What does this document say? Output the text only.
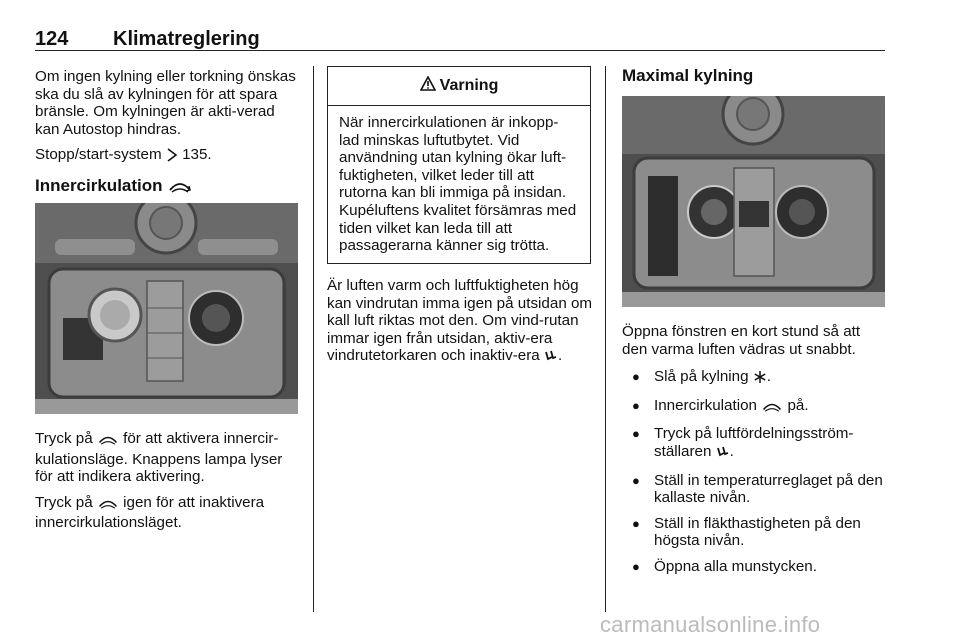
124 Klimatreglering

Om ingen kylning eller torkning önskas ska du slå av kylningen för att spara bränsle. Om kylningen är akti-verad kan Autostop hindras.

Stopp/start-system 135.

Innercirkulation

Tryck på för att aktivera innercir-kulationsläge. Knappens lampa lyser för att indikera aktivering.

Tryck på igen för att inaktivera innercirkulationsläget.

Varning
När innercirkulationen är inkopp-lad minskas luftutbytet. Vid användning utan kylning ökar luft-fuktigheten, vilket leder till att rutorna kan bli immiga på insidan. Kupéluftens kvalitet försämras med tiden vilket kan leda till att passagerarna känner sig trötta.

Är luften varm och luftfuktigheten hög kan vindrutan imma igen på utsidan om kall luft riktas mot den. Om vind-rutan immar igen från utsidan, aktiv-era vindrutetorkaren och inaktiv-era .

Maximal kylning

Öppna fönstren en kort stund så att den varma luften vädras ut snabbt.

● Slå på kylning .
● Innercirkulation på.
● Tryck på luftfördelningsström-ställaren .
● Ställ in temperaturreglaget på den kallaste nivån.
● Ställ in fläkthastigheten på den högsta nivån.
● Öppna alla munstycken.
carmanualsonline.info
